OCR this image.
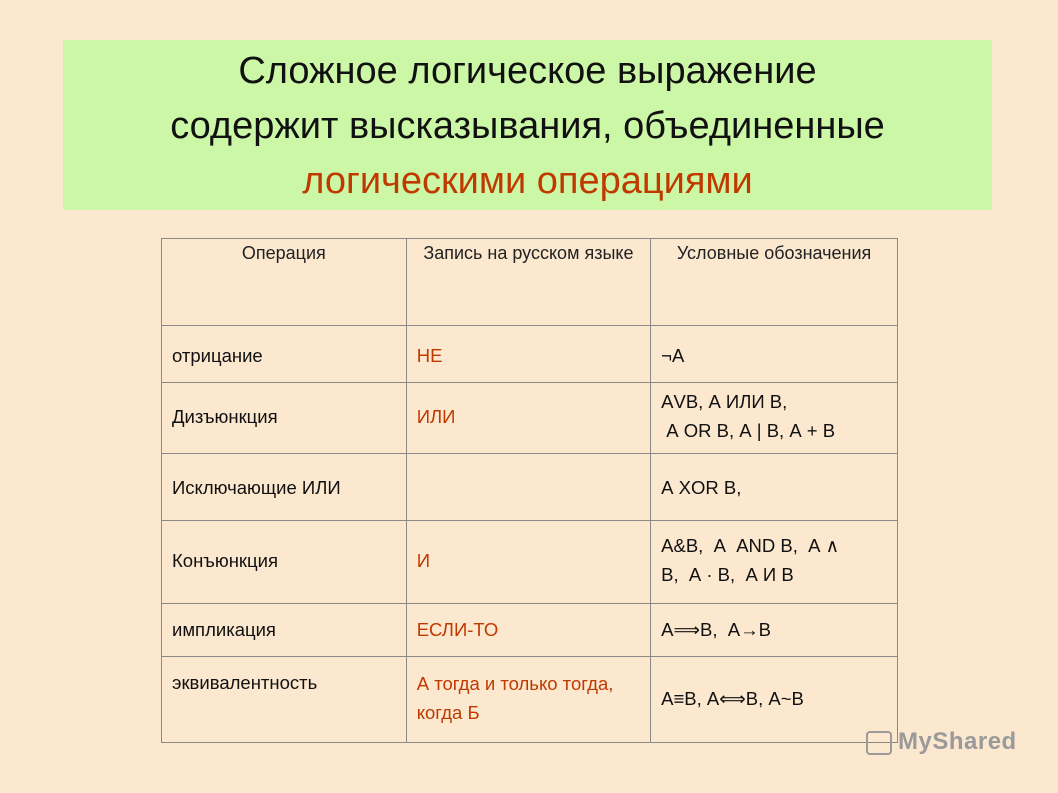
Сложное логическое выражение
содержит высказывания, объединенные
логическими операциями
Операция	Запись на русском языке	Условные обозначения

отрицание	НЕ	¬А

Дизъюнкция	ИЛИ	АVВ, А ИЛИ В,
А OR В, А | В, А + В

Исключающие ИЛИ		А XOR В,

Конъюнкция	И	А&В,  А  AND В,  А ∧
В,  А · В,  А И В

импликация	ЕСЛИ-ТО	А⟹В,  А→В

эквивалентность	А тогда и только тогда, когда Б	А≡В, А⟺В, А~В
MyShared
